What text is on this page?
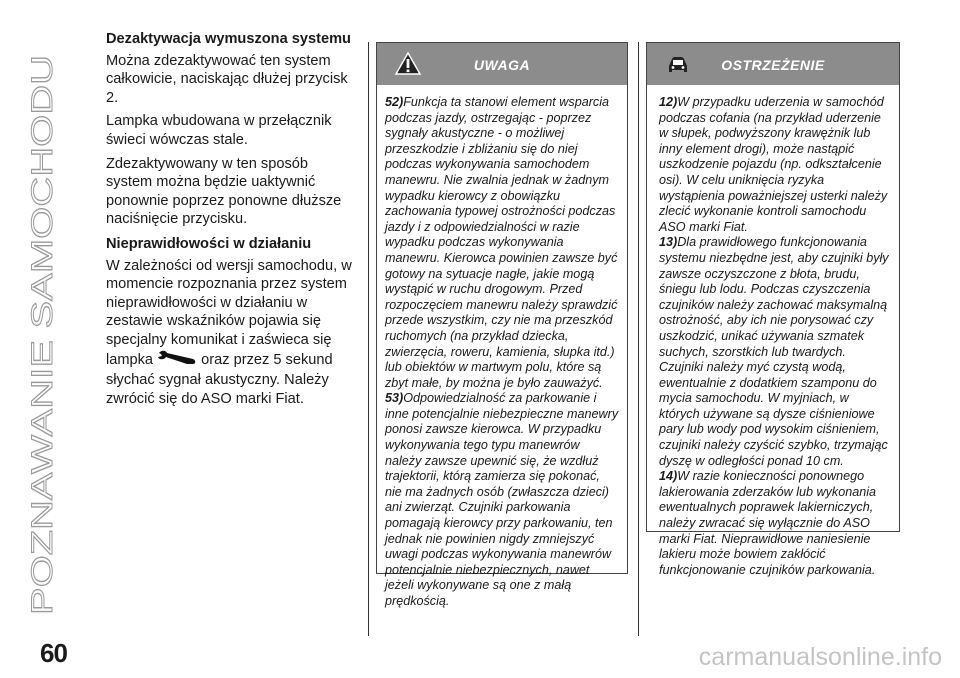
POZNAWANIE SAMOCHODU
Dezaktywacja wymuszona systemu
Można zdezaktywować ten system całkowicie, naciskając dłużej przycisk 2.
Lampka wbudowana w przełącznik świeci wówczas stale.
Zdezaktywowany w ten sposób system można będzie uaktywnić ponownie poprzez ponowne dłuższe naciśnięcie przycisku.
Nieprawidłowości w działaniu
W zależności od wersji samochodu, w momencie rozpoznania przez system nieprawidłowości w działaniu w zestawie wskaźników pojawia się specjalny komunikat i zaświeca się lampka	oraz przez 5 sekund słychać sygnał akustyczny. Należy zwrócić się do ASO marki Fiat.
UWAGA

52)Funkcja ta stanowi element wsparcia podczas jazdy, ostrzegając - poprzez sygnały akustyczne - o możliwej przeszkodzie i zbliżaniu się do niej podczas wykonywania samochodem manewru. Nie zwalnia jednak w żadnym wypadku kierowcy z obowiązku zachowania typowej ostrożności podczas jazdy i z odpowiedzialności w razie wypadku podczas wykonywania manewru. Kierowca powinien zawsze być gotowy na sytuacje nagłe, jakie mogą wystąpić w ruchu drogowym. Przed rozpoczęciem manewru należy sprawdzić przede wszystkim, czy nie ma przeszkód ruchomych (na przykład dziecka, zwierzęcia, roweru, kamienia, słupka itd.) lub obiektów w martwym polu, które są zbyt małe, by można je było zauważyć.

53)Odpowiedzialność za parkowanie i inne potencjalnie niebezpieczne manewry ponosi zawsze kierowca. W przypadku wykonywania tego typu manewrów należy zawsze upewnić się, że wzdłuż trajektorii, którą zamierza się pokonać, nie ma żadnych osób (zwłaszcza dzieci) ani zwierząt. Czujniki parkowania pomagają kierowcy przy parkowaniu, ten jednak nie powinien nigdy zmniejszyć uwagi podczas wykonywania manewrów potencjalnie niebezpiecznych, nawet jeżeli wykonywane są one z małą prędkością.

OSTRZEŻENIE

12)W przypadku uderzenia w samochód podczas cofania (na przykład uderzenie w słupek, podwyższony krawężnik lub inny element drogi), może nastąpić uszkodzenie pojazdu (np. odkształcenie osi). W celu uniknięcia ryzyka wystąpienia poważniejszej usterki należy zlecić wykonanie kontroli samochodu ASO marki Fiat.

13)Dla prawidłowego funkcjonowania systemu niezbędne jest, aby czujniki były zawsze oczyszczone z błota, brudu, śniegu lub lodu. Podczas czyszczenia czujników należy zachować maksymalną ostrożność, aby ich nie porysować czy uszkodzić, unikać używania szmatek suchych, szorstkich lub twardych. Czujniki należy myć czystą wodą, ewentualnie z dodatkiem szamponu do mycia samochodu. W myjniach, w których używane są dysze ciśnieniowe pary lub wody pod wysokim ciśnieniem, czujniki należy czyścić szybko, trzymając dyszę w odległości ponad 10 cm.

14)W razie konieczności ponownego lakierowania zderzaków lub wykonania ewentualnych poprawek lakierniczych, należy zwracać się wyłącznie do ASO marki Fiat. Nieprawidłowe naniesienie lakieru może bowiem zakłócić funkcjonowanie czujników parkowania.

60	carmanualsonline.info
